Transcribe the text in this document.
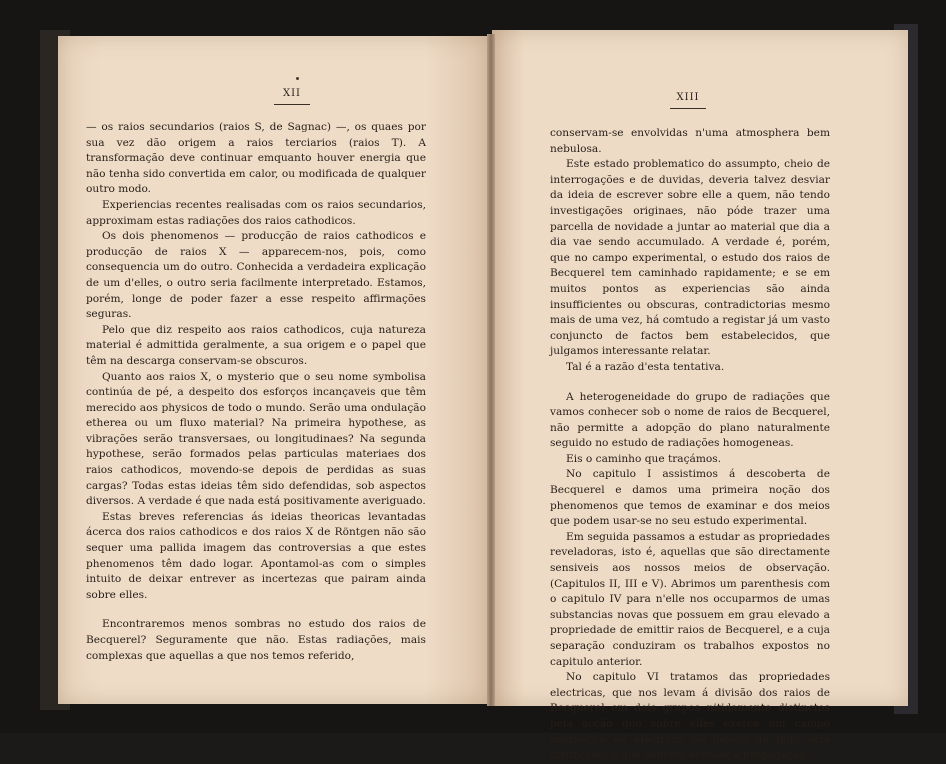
XII

— os raios secundarios (raios S, de Sagnac) —, os quaes por sua vez dão origem a raios terciarios (raios T). A transformação deve continuar emquanto houver energia que não tenha sido convertida em calor, ou modificada de qualquer outro modo.

Experiencias recentes realisadas com os raios secundarios, approximam estas radiações dos raios cathodicos.

Os dois phenomenos — producção de raios cathodicos e producção de raios X — apparecem-nos, pois, como consequencia um do outro. Conhecida a verdadeira explicação de um d'elles, o outro seria facilmente interpretado. Estamos, porém, longe de poder fazer a esse respeito affirmações seguras.

Pelo que diz respeito aos raios cathodicos, cuja natureza material é admittida geralmente, a sua origem e o papel que têm na descarga conservam-se obscuros.

Quanto aos raios X, o mysterio que o seu nome symbolisa continúa de pé, a despeito dos esforços incançaveis que têm merecido aos physicos de todo o mundo. Serão uma ondulação etherea ou um fluxo material? Na primeira hypothese, as vibrações serão transversaes, ou longitudinaes? Na segunda hypothese, serão formados pelas particulas materiaes dos raios cathodicos, movendo-se depois de perdidas as suas cargas? Todas estas ideias têm sido defendidas, sob aspectos diversos. A verdade é que nada está positivamente averiguado.

Estas breves referencias ás ideias theoricas levantadas ácerca dos raios cathodicos e dos raios X de Röntgen não são sequer uma pallida imagem das controversias a que estes phenomenos têm dado logar. Apontamol-as com o simples intuito de deixar entrever as incertezas que pairam ainda sobre elles.

Encontraremos menos sombras no estudo dos raios de Becquerel? Seguramente que não. Estas radiações, mais complexas que aquellas a que nos temos referido,

XIII

conservam-se envolvidas n'uma atmosphera bem nebulosa.

Este estado problematico do assumpto, cheio de interrogações e de duvidas, deveria talvez desviar da ideia de escrever sobre elle a quem, não tendo investigações originaes, não póde trazer uma parcella de novidade a juntar ao material que dia a dia vae sendo accumulado. A verdade é, porém, que no campo experimental, o estudo dos raios de Becquerel tem caminhado rapidamente; e se em muitos pontos as experiencias são ainda insufficientes ou obscuras, contradictorias mesmo mais de uma vez, há comtudo a registar já um vasto conjuncto de factos bem estabelecidos, que julgamos interessante relatar.

Tal é a razão d'esta tentativa.

A heterogeneidade do grupo de radiações que vamos conhecer sob o nome de raios de Becquerel, não permitte a adopção do plano naturalmente seguido no estudo de radiações homogeneas.

Eis o caminho que traçámos.

No capitulo I assistimos á descoberta de Becquerel e damos uma primeira noção dos phenomenos que temos de examinar e dos meios que podem usar-se no seu estudo experimental.

Em seguida passamos a estudar as propriedades reveladoras, isto é, aquellas que são directamente sensiveis aos nossos meios de observação. (Capitulos II, III e V). Abrimos um parenthesis com o capitulo IV para n'elle nos occuparmos de umas substancias novas que possuem em grau elevado a propriedade de emittir raios de Becquerel, e a cuja separação conduziram os trabalhos expostos no capitulo anterior.

No capitulo VI tratamos das propriedades electricas, que nos levam á divisão dos raios de Becquerel em dois grupos nitidamente distinctos pela acção que sobre elles exerce um campo magnetico ou electrico. Só depois de feita esta distincção, é que convem estudar a propagação
